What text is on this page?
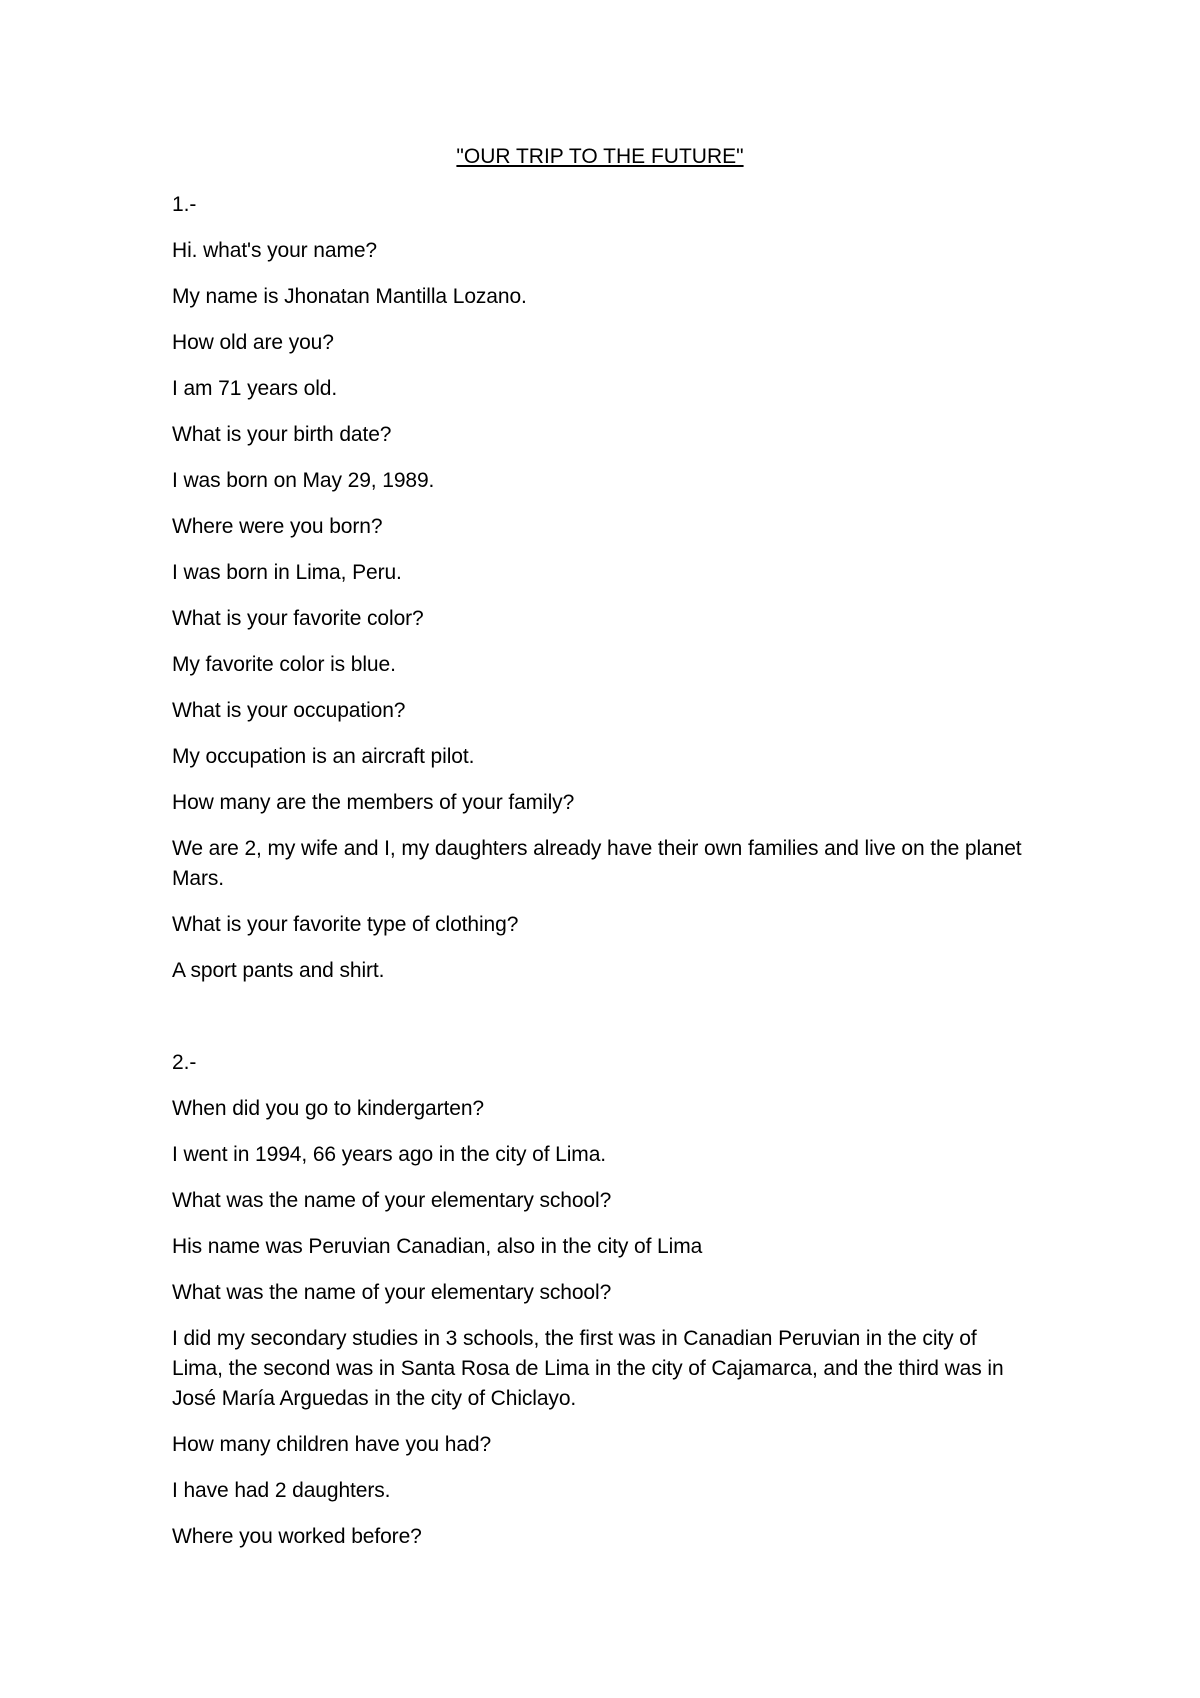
"OUR TRIP TO THE FUTURE"
1.-
Hi. what's your name?
My name is Jhonatan Mantilla Lozano.
How old are you?
I am 71 years old.
What is your birth date?
I was born on May 29, 1989.
Where were you born?
I was born in Lima, Peru.
What is your favorite color?
My favorite color is blue.
What is your occupation?
My occupation is an aircraft pilot.
How many are the members of your family?
We are 2, my wife and I, my daughters already have their own families and live on the planet Mars.
What is your favorite type of clothing?
A sport pants and shirt.
2.-
When did you go to kindergarten?
I went in 1994, 66 years ago in the city of Lima.
What was the name of your elementary school?
His name was Peruvian Canadian, also in the city of Lima
What was the name of your elementary school?
I did my secondary studies in 3 schools, the first was in Canadian Peruvian in the city of Lima, the second was in Santa Rosa de Lima in the city of Cajamarca, and the third was in José María Arguedas in the city of Chiclayo.
How many children have you had?
I have had 2 daughters.
Where you worked before?
